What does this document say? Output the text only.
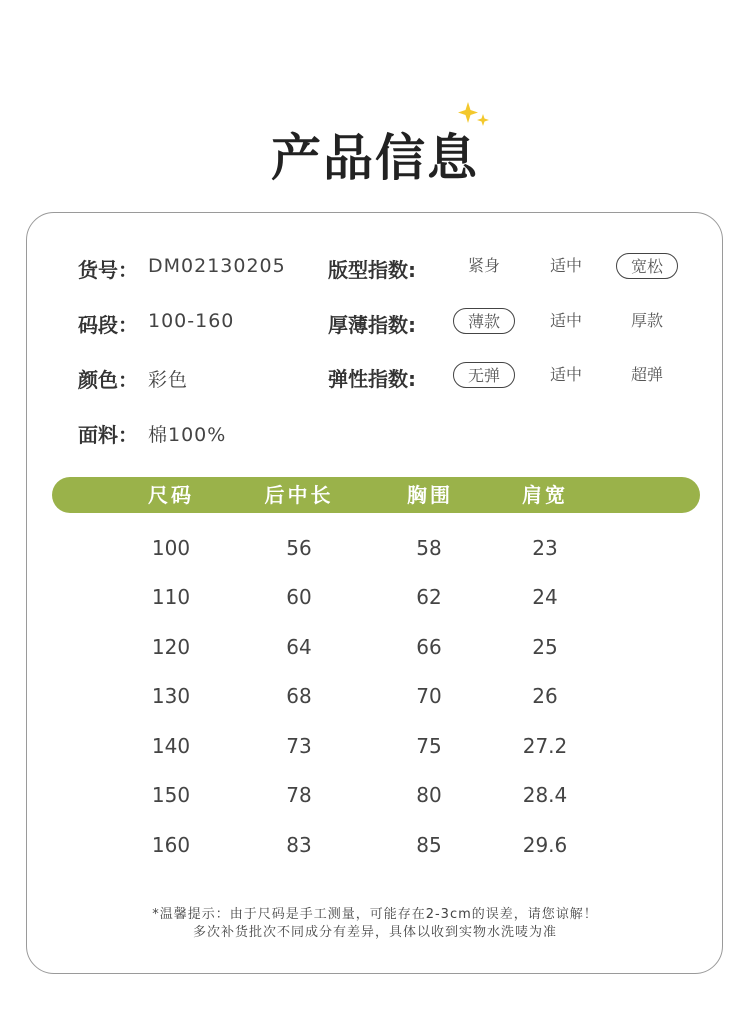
产品信息
货号： DM02130205
码段： 100-160
颜色： 彩色
面料： 棉100%
版型指数:	紧身	适中	宽松
厚薄指数:	薄款	适中	厚款
弹性指数:	无弹	适中	超弹
尺码	后中长	胸围	肩宽
100	56	58	23
110	60	62	24
120	64	66	25
130	68	70	26
140	73	75	27.2
150	78	80	28.4
160	83	85	29.6
*温馨提示：由于尺码是手工测量，可能存在2-3cm的误差，请您谅解！
多次补货批次不同成分有差异，具体以收到实物水洗唛为准
